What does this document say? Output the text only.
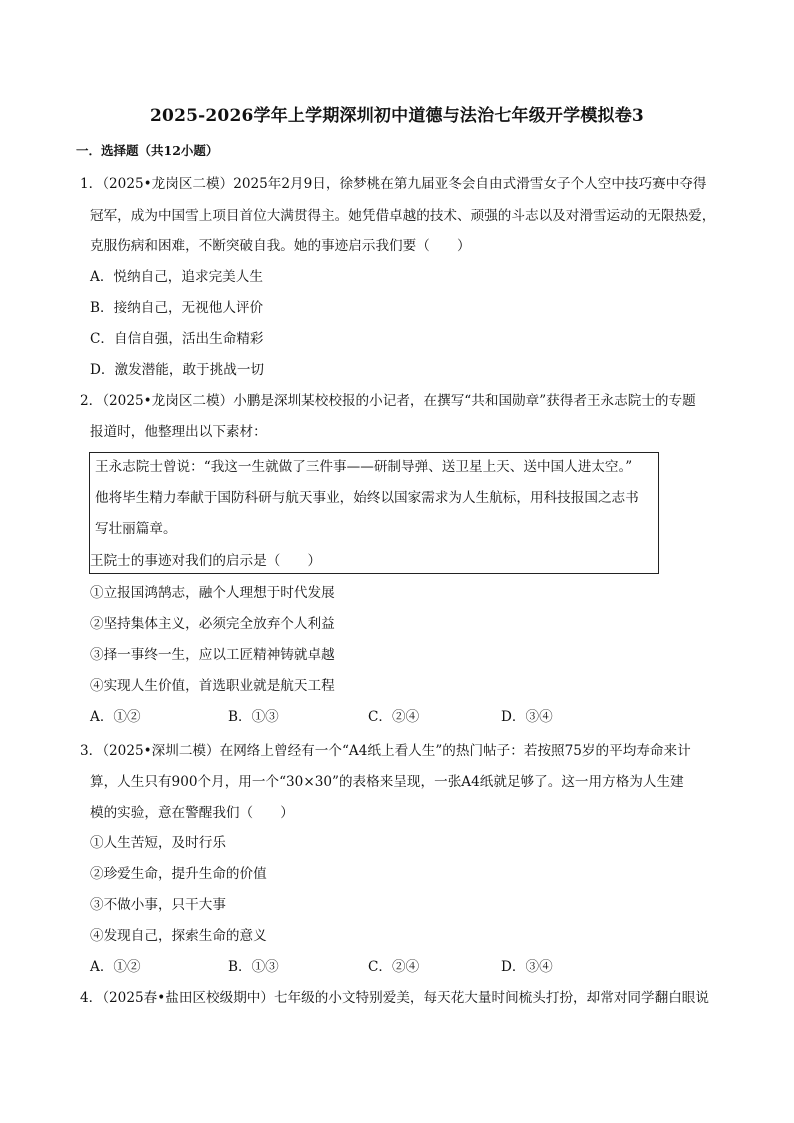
2025-2026学年上学期深圳初中道德与法治七年级开学模拟卷3
一．选择题（共12小题）
1．（2025•龙岗区二模）2025年2月9日，徐梦桃在第九届亚冬会自由式滑雪女子个人空中技巧赛中夺得
冠军，成为中国雪上项目首位大满贯得主。她凭借卓越的技术、顽强的斗志以及对滑雪运动的无限热爱，
克服伤病和困难，不断突破自我。她的事迹启示我们要（　　）
A．悦纳自己，追求完美人生
B．接纳自己，无视他人评价
C．自信自强，活出生命精彩
D．激发潜能，敢于挑战一切
2．（2025•龙岗区二模）小鹏是深圳某校校报的小记者，在撰写“共和国勋章”获得者王永志院士的专题
报道时，他整理出以下素材：
王永志院士曾说：“我这一生就做了三件事——研制导弹、送卫星上天、送中国人进太空。”
他将毕生精力奉献于国防科研与航天事业，始终以国家需求为人生航标，用科技报国之志书
写壮丽篇章。
王院士的事迹对我们的启示是（　　）
①立报国鸿鹄志，融个人理想于时代发展
②坚持集体主义，必须完全放弃个人利益
③择一事终一生，应以工匠精神铸就卓越
④实现人生价值，首选职业就是航天工程
A．①②	B．①③	C．②④	D．③④
3．（2025•深圳二模）在网络上曾经有一个“A4纸上看人生”的热门帖子：若按照75岁的平均寿命来计
算，人生只有900个月，用一个“30×30”的表格来呈现，一张A4纸就足够了。这一用方格为人生建
模的实验，意在警醒我们（　　）
①人生苦短，及时行乐
②珍爱生命，提升生命的价值
③不做小事，只干大事
④发现自己，探索生命的意义
A．①②	B．①③	C．②④	D．③④
4．（2025春•盐田区校级期中）七年级的小文特别爱美，每天花大量时间梳头打扮，却常对同学翻白眼说
